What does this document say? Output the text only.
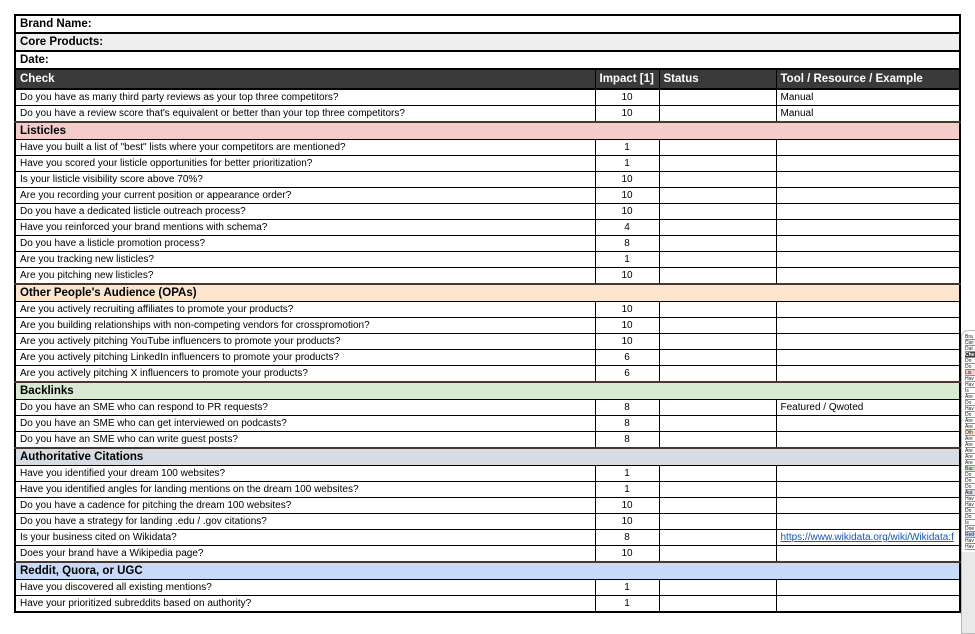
Brand Name:			
Core Products:			
Date:			
Check	Impact [1]	Status	Tool / Resource / Example
Do you have as many third party reviews as your top three competitors?	10		Manual
Do you have a review score that's equivalent or better than your top three competitors?	10		Manual
Listicles			
Have you built a list of "best" lists where your competitors are mentioned?	1		
Have you scored your listicle opportunities for better prioritization?	1		
Is your listicle visibility score above 70%?	10		
Are you recording your current position or appearance order?	10		
Do you have a dedicated listicle outreach process?	10		
Have you reinforced your brand mentions with schema?	4		
Do you have a listicle promotion process?	8		
Are you tracking new listicles?	1		
Are you pitching new listicles?	10		
Other People's Audience (OPAs)			
Are you actively recruiting affiliates to promote your products?	10		
Are you building relationships with non-competing vendors for crosspromotion?	10		
Are you actively pitching YouTube influencers to promote your products?	10		
Are you actively pitching LinkedIn influencers to promote your products?	6		
Are you actively pitching X influencers to promote your products?	6		
Backlinks			
Do you have an SME who can respond to PR requests?	8		Featured / Qwoted
Do you have an SME who can get interviewed on podcasts?	8		
Do you have an SME who can write guest posts?	8		
Authoritative Citations			
Have you identified your dream 100 websites?	1		
Have you identified angles for landing mentions on the dream 100 websites?	1		
Do you have a cadence for pitching the dream 100 websites?	10		
Do you have a strategy for landing .edu / .gov citations?	10		
Is your business cited on Wikidata?	8		https://www.wikidata.org/wiki/Wikidata:f
Does your brand have a Wikipedia page?	10		
Reddit, Quora, or UGC			
Have you discovered all existing mentions?	1		
Have your prioritized subreddits based on authority?	1		
Bra
Cor
Dat
Che
Do
Do
Lis
Hav
Hav
Is
Are
Do
Hav
Do
Are
Are
Oth
Are
Are
Are
Are
Are
Bac
Do
Do
Do
Aut
Hav
Hav
Do
Do
Is
Doe
Red
Hav
Hav
